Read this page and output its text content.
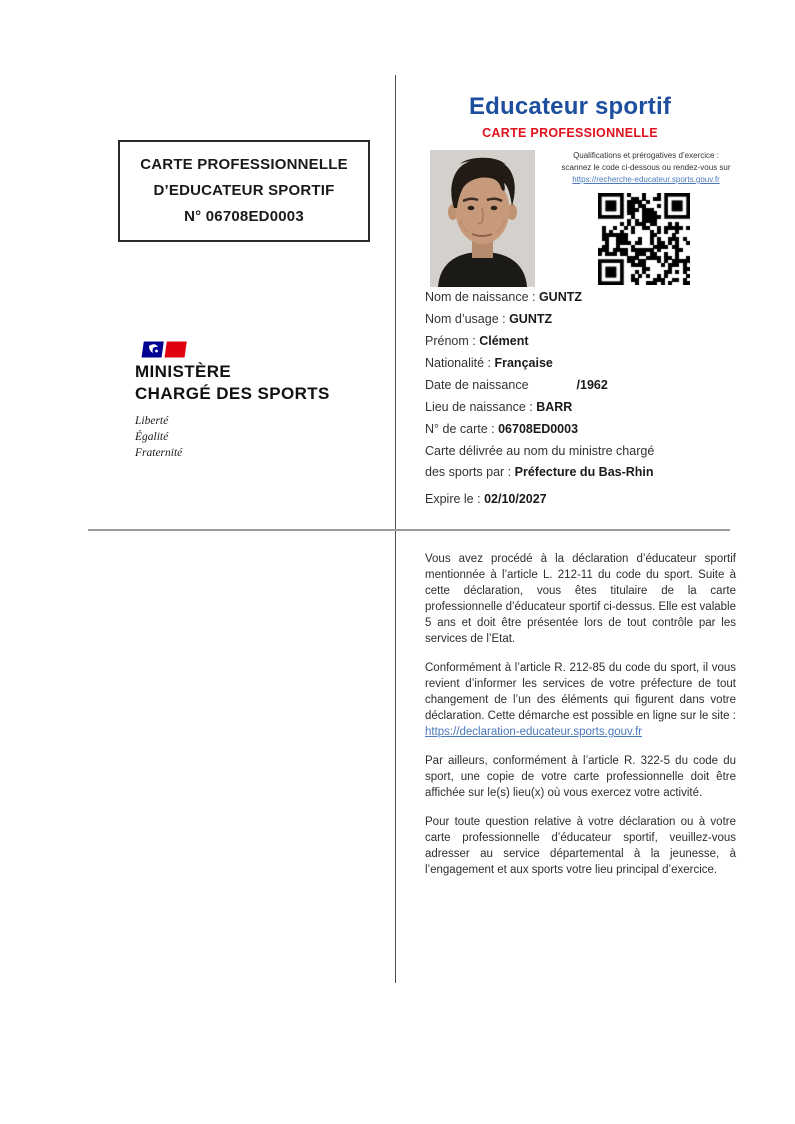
CARTE PROFESSIONNELLE
D’EDUCATEUR SPORTIF
N° 06708ED0003
MINISTÈRE
CHARGÉ DES SPORTS
Liberté
Égalité
Fraternité
Educateur sportif
CARTE PROFESSIONNELLE
Qualifications et prérogatives d’exercice :
scannez le code ci-dessous ou rendez-vous sur
https://recherche-educateur.sports.gouv.fr
Nom de naissance : GUNTZ
Nom d’usage : GUNTZ
Prénom : Clément
Nationalité : Française
Date de naissance	/1962
Lieu de naissance : BARR
N° de carte : 06708ED0003
Carte délivrée au nom du ministre chargé
des sports par : Préfecture du Bas-Rhin
Expire le : 02/10/2027

Vous avez procédé à la déclaration d’éducateur sportif mentionnée à l’article L. 212-11 du code du sport. Suite à cette déclaration, vous êtes titulaire de la carte professionnelle d’éducateur sportif ci-dessus. Elle est valable 5 ans et doit être présentée lors de tout contrôle par les services de l’Etat.

Conformément à l’article R. 212-85 du code du sport, il vous revient d’informer les services de votre préfecture de tout changement de l’un des éléments qui figurent dans votre déclaration. Cette démarche est possible en ligne sur le site : https://declaration-educateur.sports.gouv.fr

Par ailleurs, conformément à l’article R. 322-5 du code du sport, une copie de votre carte professionnelle doit être affichée sur le(s) lieu(x) où vous exercez votre activité.

Pour toute question relative à votre déclaration ou à votre carte professionnelle d’éducateur sportif, veuillez-vous adresser au service départemental à la jeunesse, à l’engagement et aux sports votre lieu principal d’exercice.
